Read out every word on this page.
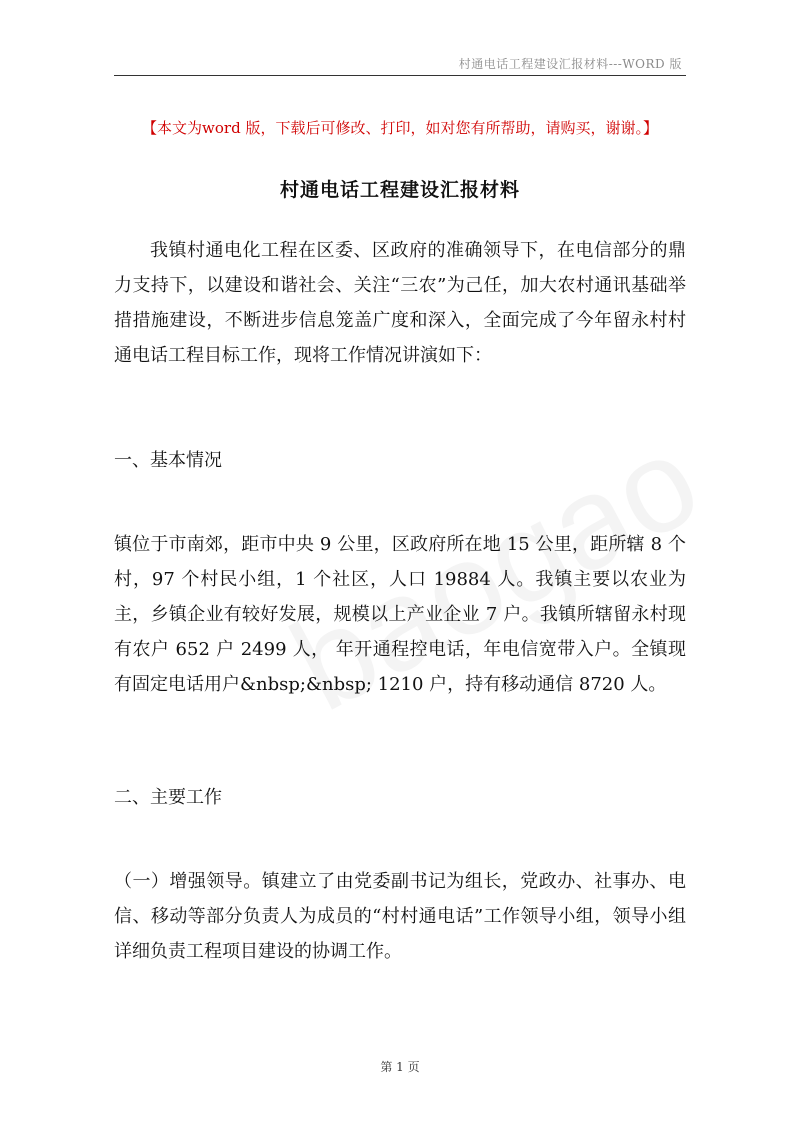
村通电话工程建设汇报材料---WORD 版
【本文为word 版，下载后可修改、打印，如对您有所帮助，请购买，谢谢。】
村通电话工程建设汇报材料
我镇村通电化工程在区委、区政府的准确领导下，在电信部分的鼎力支持下，以建设和谐社会、关注“三农”为己任，加大农村通讯基础举措措施建设，不断进步信息笼盖广度和深入，全面完成了今年留永村村通电话工程目标工作，现将工作情况讲演如下：
一、基本情况
镇位于市南郊，距市中央 9 公里，区政府所在地 15 公里，距所辖 8 个村，97 个村民小组，1 个社区，人口 19884 人。我镇主要以农业为主，乡镇企业有较好发展，规模以上产业企业 7 户。我镇所辖留永村现有农户 652 户 2499 人， 年开通程控电话，年电信宽带入户。全镇现有固定电话用户&nbsp;&nbsp; 1210 户，持有移动通信 8720 人。
二、主要工作
（一）增强领导。镇建立了由党委副书记为组长，党政办、社事办、电信、移动等部分负责人为成员的“村村通电话”工作领导小组，领导小组详细负责工程项目建设的协调工作。
第 1 页
